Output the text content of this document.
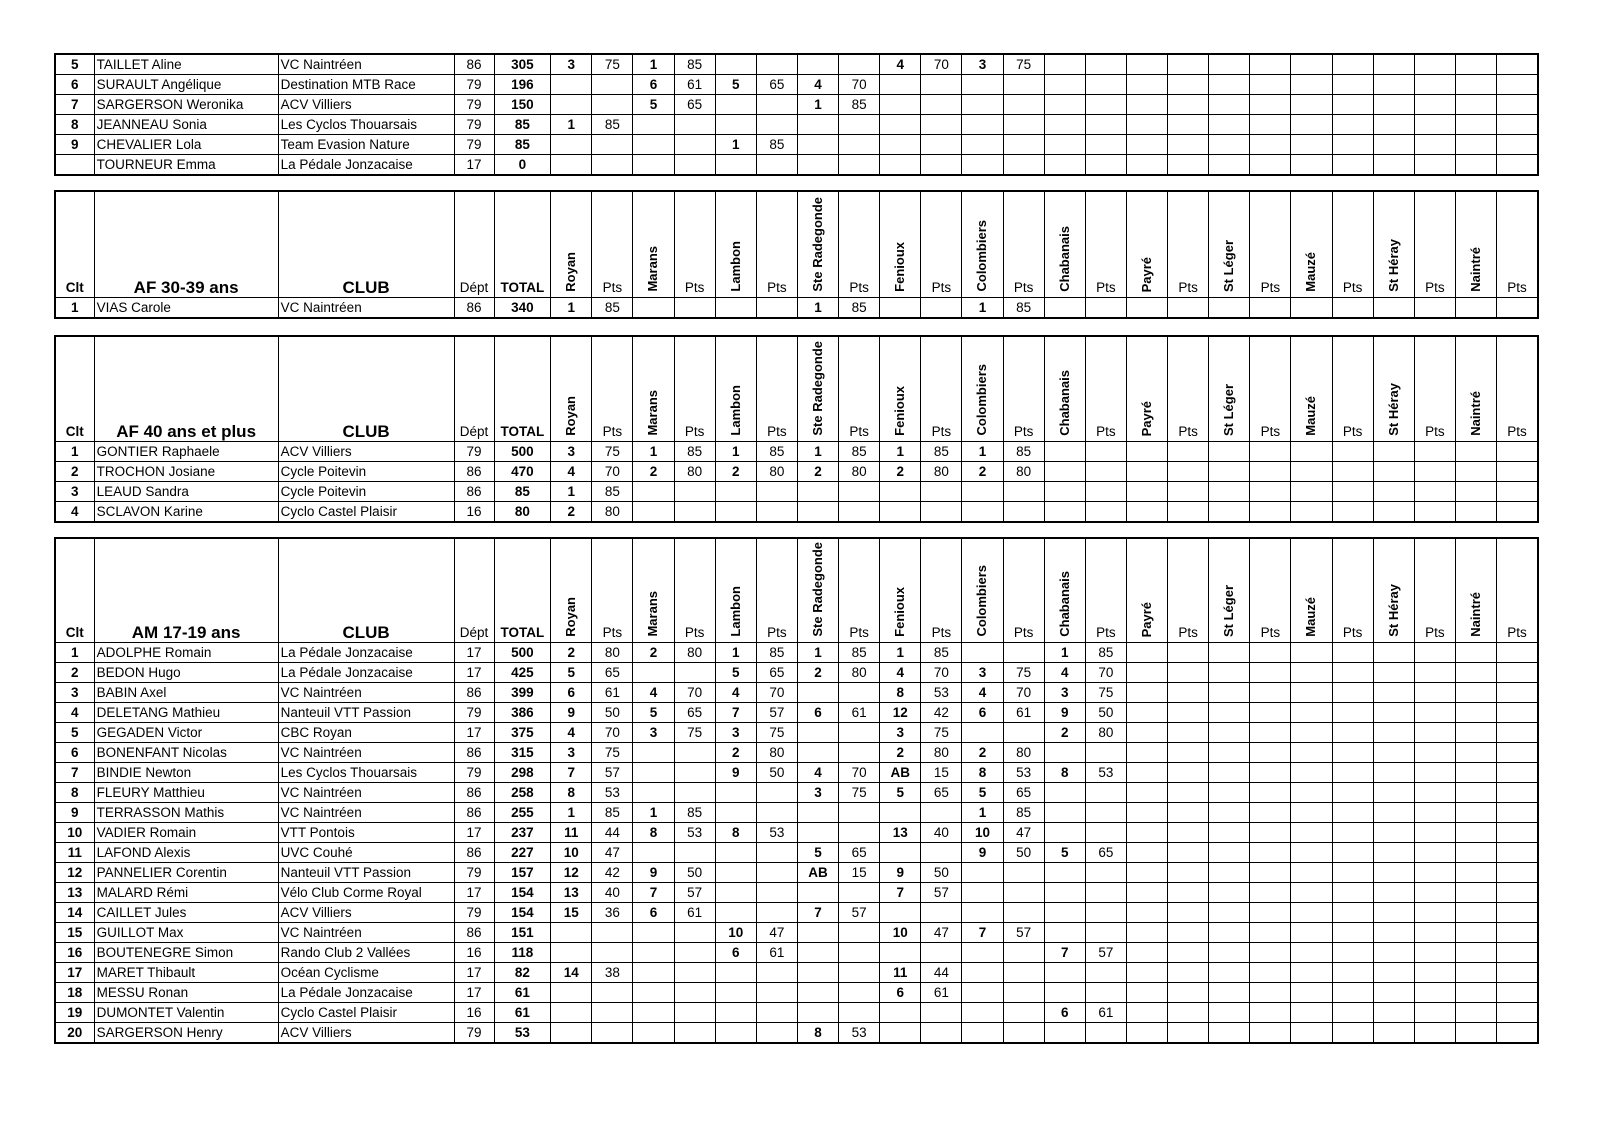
5	TAILLET Aline	VC Naintréen	86	305	3	75	1	85					4	70	3	75												
6	SURAULT Angélique	Destination MTB Race	79	196			6	61	5	65	4	70																
7	SARGERSON Weronika	ACV Villiers	79	150			5	65			1	85																
8	JEANNEAU Sonia	Les Cyclos Thouarsais	79	85	1	85																						
9	CHEVALIER Lola	Team Evasion Nature	79	85					1	85																		
	TOURNEUR Emma	La Pédale Jonzacaise	17	0																								
Clt	AF 30-39 ans	CLUB	Dépt	TOTAL	Royan	Pts	Marans	Pts	Lambon	Pts	Ste Radegonde	Pts	Fenioux	Pts	Colombiers	Pts	Chabanais	Pts	Payré	Pts	St Léger	Pts	Mauzé	Pts	St Héray	Pts	Naintré	Pts
1	VIAS Carole	VC Naintréen	86	340	1	85					1	85			1	85												
Clt	AF 40 ans et plus	CLUB	Dépt	TOTAL	Royan	Pts	Marans	Pts	Lambon	Pts	Ste Radegonde	Pts	Fenioux	Pts	Colombiers	Pts	Chabanais	Pts	Payré	Pts	St Léger	Pts	Mauzé	Pts	St Héray	Pts	Naintré	Pts
1	GONTIER Raphaele	ACV Villiers	79	500	3	75	1	85	1	85	1	85	1	85	1	85												
2	TROCHON Josiane	Cycle Poitevin	86	470	4	70	2	80	2	80	2	80	2	80	2	80												
3	LEAUD Sandra	Cycle Poitevin	86	85	1	85																						
4	SCLAVON Karine	Cyclo Castel Plaisir	16	80	2	80																						
Clt	AM 17-19 ans	CLUB	Dépt	TOTAL	Royan	Pts	Marans	Pts	Lambon	Pts	Ste Radegonde	Pts	Fenioux	Pts	Colombiers	Pts	Chabanais	Pts	Payré	Pts	St Léger	Pts	Mauzé	Pts	St Héray	Pts	Naintré	Pts
1	ADOLPHE Romain	La Pédale Jonzacaise	17	500	2	80	2	80	1	85	1	85	1	85			1	85										
2	BEDON Hugo	La Pédale Jonzacaise	17	425	5	65			5	65	2	80	4	70	3	75	4	70										
3	BABIN Axel	VC Naintréen	86	399	6	61	4	70	4	70			8	53	4	70	3	75										
4	DELETANG Mathieu	Nanteuil VTT Passion	79	386	9	50	5	65	7	57	6	61	12	42	6	61	9	50										
5	GEGADEN Victor	CBC Royan	17	375	4	70	3	75	3	75			3	75			2	80										
6	BONENFANT Nicolas	VC Naintréen	86	315	3	75			2	80			2	80	2	80												
7	BINDIE Newton	Les Cyclos Thouarsais	79	298	7	57			9	50	4	70	AB	15	8	53	8	53										
8	FLEURY Matthieu	VC Naintréen	86	258	8	53					3	75	5	65	5	65												
9	TERRASSON Mathis	VC Naintréen	86	255	1	85	1	85							1	85												
10	VADIER Romain	VTT Pontois	17	237	11	44	8	53	8	53			13	40	10	47												
11	LAFOND Alexis	UVC Couhé	86	227	10	47					5	65			9	50	5	65										
12	PANNELIER Corentin	Nanteuil VTT Passion	79	157	12	42	9	50			AB	15	9	50														
13	MALARD Rémi	Vélo Club Corme Royal	17	154	13	40	7	57					7	57														
14	CAILLET Jules	ACV Villiers	79	154	15	36	6	61			7	57																
15	GUILLOT Max	VC Naintréen	86	151					10	47			10	47	7	57												
16	BOUTENEGRE Simon	Rando Club 2 Vallées	16	118					6	61							7	57										
17	MARET Thibault	Océan Cyclisme	17	82	14	38							11	44														
18	MESSU Ronan	La Pédale Jonzacaise	17	61									6	61														
19	DUMONTET Valentin	Cyclo Castel Plaisir	16	61													6	61										
20	SARGERSON Henry	ACV Villiers	79	53							8	53																
